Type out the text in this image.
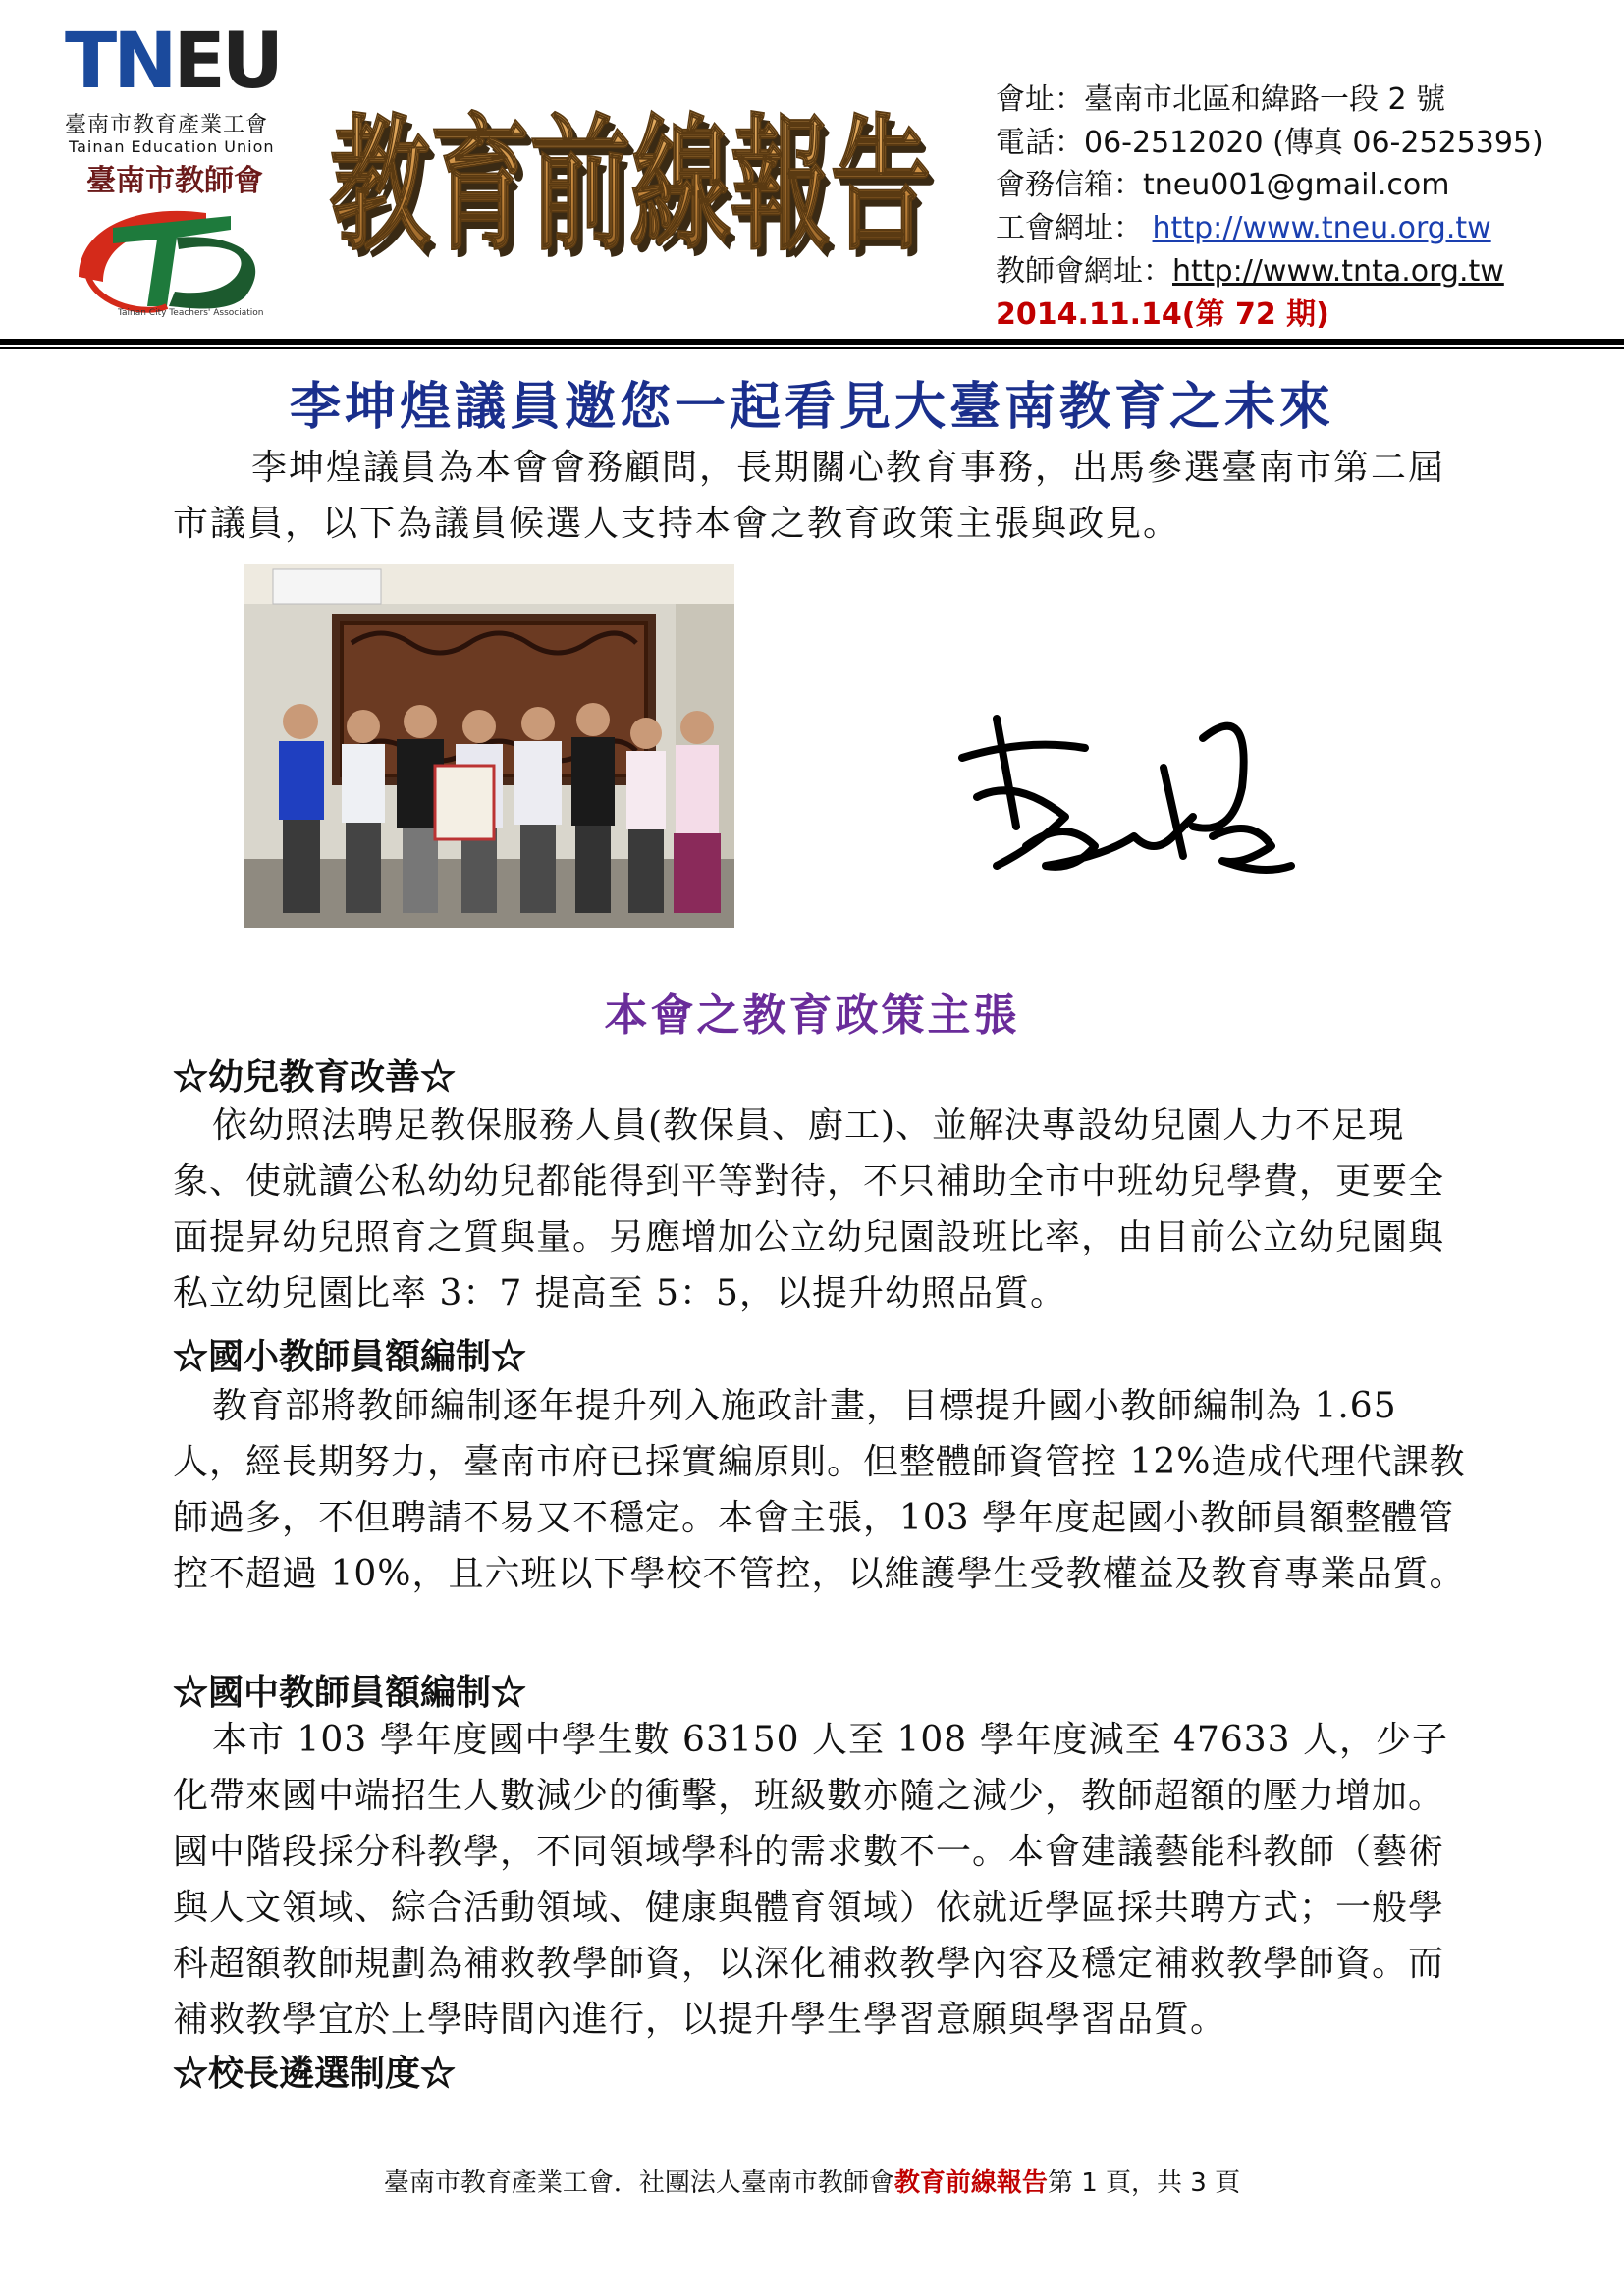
TNEU
臺南市教育產業工會
Tainan Education Union
臺南市教師會
Tainan City Teachers' Association
教育前線報告
教育前線報告
會址：臺南市北區和緯路一段 2 號
電話：06-2512020 (傳真 06-2525395)
會務信箱：tneu001@gmail.com
工會網址： http://www.tneu.org.tw
教師會網址：http://www.tnta.org.tw
2014.11.14(第 72 期)
李坤煌議員邀您一起看見大臺南教育之未來
李坤煌議員為本會會務顧問，長期關心教育事務，出馬參選臺南市第二屆市議員，以下為議員候選人支持本會之教育政策主張與政見。
本會之教育政策主張
☆幼兒教育改善☆
依幼照法聘足教保服務人員(教保員、廚工)、並解決專設幼兒園人力不足現象、使就讀公私幼幼兒都能得到平等對待，不只補助全市中班幼兒學費，更要全面提昇幼兒照育之質與量。另應增加公立幼兒園設班比率，由目前公立幼兒園與私立幼兒園比率 3：7 提高至 5：5，以提升幼照品質。
☆國小教師員額編制☆
教育部將教師編制逐年提升列入施政計畫，目標提升國小教師編制為 1.65 人，經長期努力，臺南市府已採實編原則。但整體師資管控 12%造成代理代課教師過多，不但聘請不易又不穩定。本會主張，103 學年度起國小教師員額整體管控不超過 10%，且六班以下學校不管控，以維護學生受教權益及教育專業品質。
☆國中教師員額編制☆
本市 103 學年度國中學生數 63150 人至 108 學年度減至 47633 人，少子化帶來國中端招生人數減少的衝擊，班級數亦隨之減少，教師超額的壓力增加。國中階段採分科教學，不同領域學科的需求數不一。本會建議藝能科教師（藝術與人文領域、綜合活動領域、健康與體育領域）依就近學區採共聘方式；一般學科超額教師規劃為補救教學師資，以深化補救教學內容及穩定補救教學師資。而補救教學宜於上學時間內進行，以提升學生學習意願與學習品質。
☆校長遴選制度☆
臺南市教育產業工會．社團法人臺南市教師會教育前線報告第 1 頁，共 3 頁
